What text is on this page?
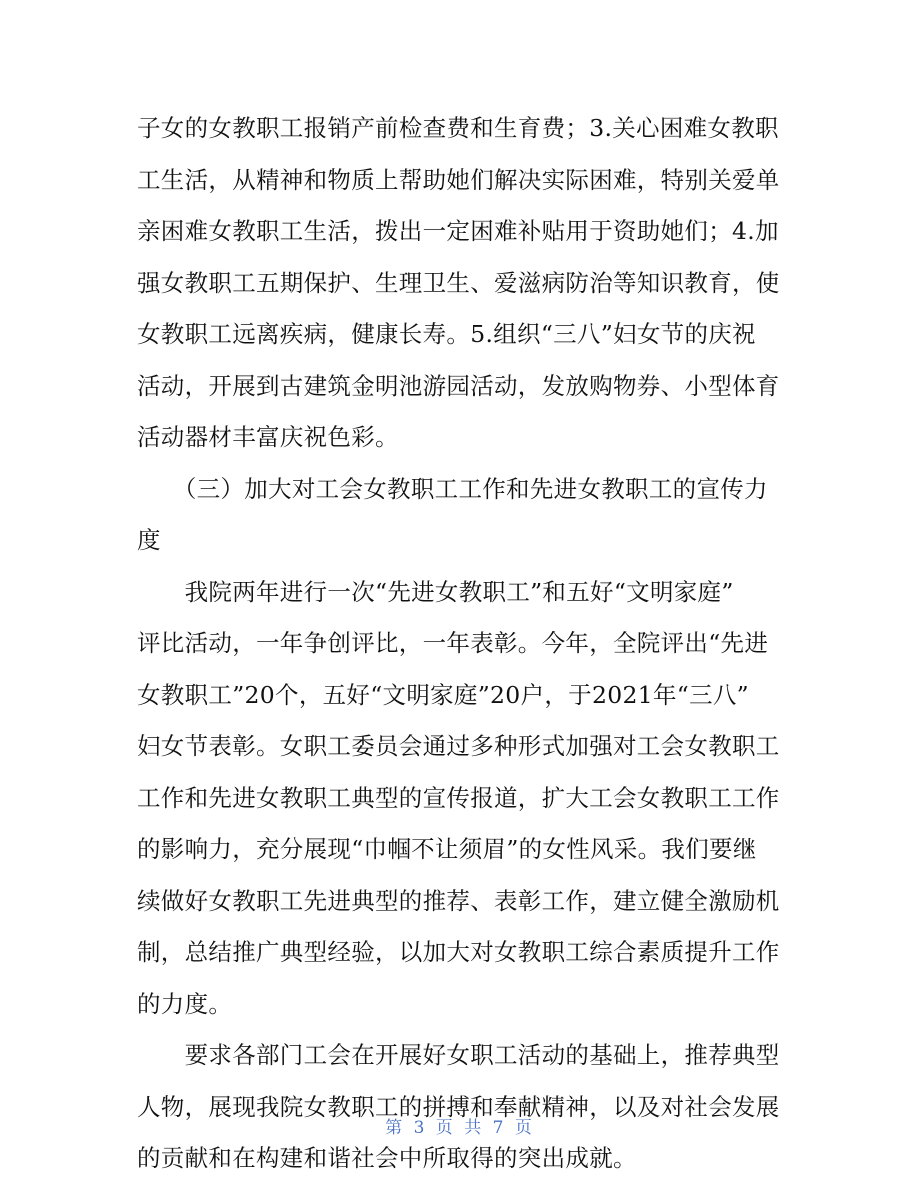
子女的女教职工报销产前检查费和生育费；3.关心困难女教职
工生活，从精神和物质上帮助她们解决实际困难，特别关爱单
亲困难女教职工生活，拨出一定困难补贴用于资助她们；4.加
强女教职工五期保护、生理卫生、爱滋病防治等知识教育，使
女教职工远离疾病，健康长寿。5.组织“三八”妇女节的庆祝
活动，开展到古建筑金明池游园活动，发放购物券、小型体育
活动器材丰富庆祝色彩。
　　（三）加大对工会女教职工工作和先进女教职工的宣传力
度
　　我院两年进行一次“先进女教职工”和五好“文明家庭”
评比活动，一年争创评比，一年表彰。今年，全院评出“先进
女教职工”20个，五好“文明家庭”20户，于2021年“三八”
妇女节表彰。女职工委员会通过多种形式加强对工会女教职工
工作和先进女教职工典型的宣传报道，扩大工会女教职工工作
的影响力，充分展现“巾帼不让须眉”的女性风采。我们要继
续做好女教职工先进典型的推荐、表彰工作，建立健全激励机
制，总结推广典型经验，以加大对女教职工综合素质提升工作
的力度。
　　要求各部门工会在开展好女职工活动的基础上，推荐典型
人物，展现我院女教职工的拼搏和奉献精神，以及对社会发展
的贡献和在构建和谐社会中所取得的突出成就。
第 3 页 共 7 页
